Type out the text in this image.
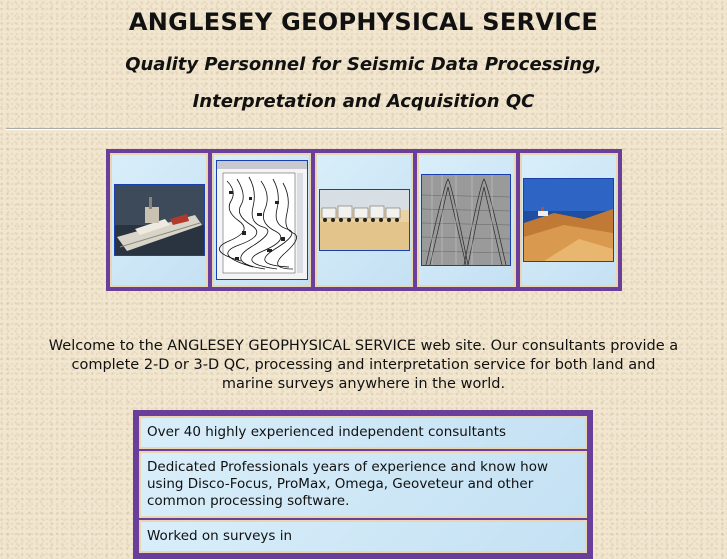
ANGLESEY GEOPHYSICAL SERVICE

Quality Personnel for Seismic Data Processing,

Interpretation and Acquisition QC

Welcome to the ANGLESEY GEOPHYSICAL SERVICE web site. Our consultants provide a
complete 2-D or 3-D QC, processing and interpretation service for both land and
marine surveys anywhere in the world.
Over 40 highly experienced independent consultants
Dedicated Professionals years of experience and know how using Disco-Focus, ProMax, Omega, Geoveteur and other common processing software.
Worked on surveys in
